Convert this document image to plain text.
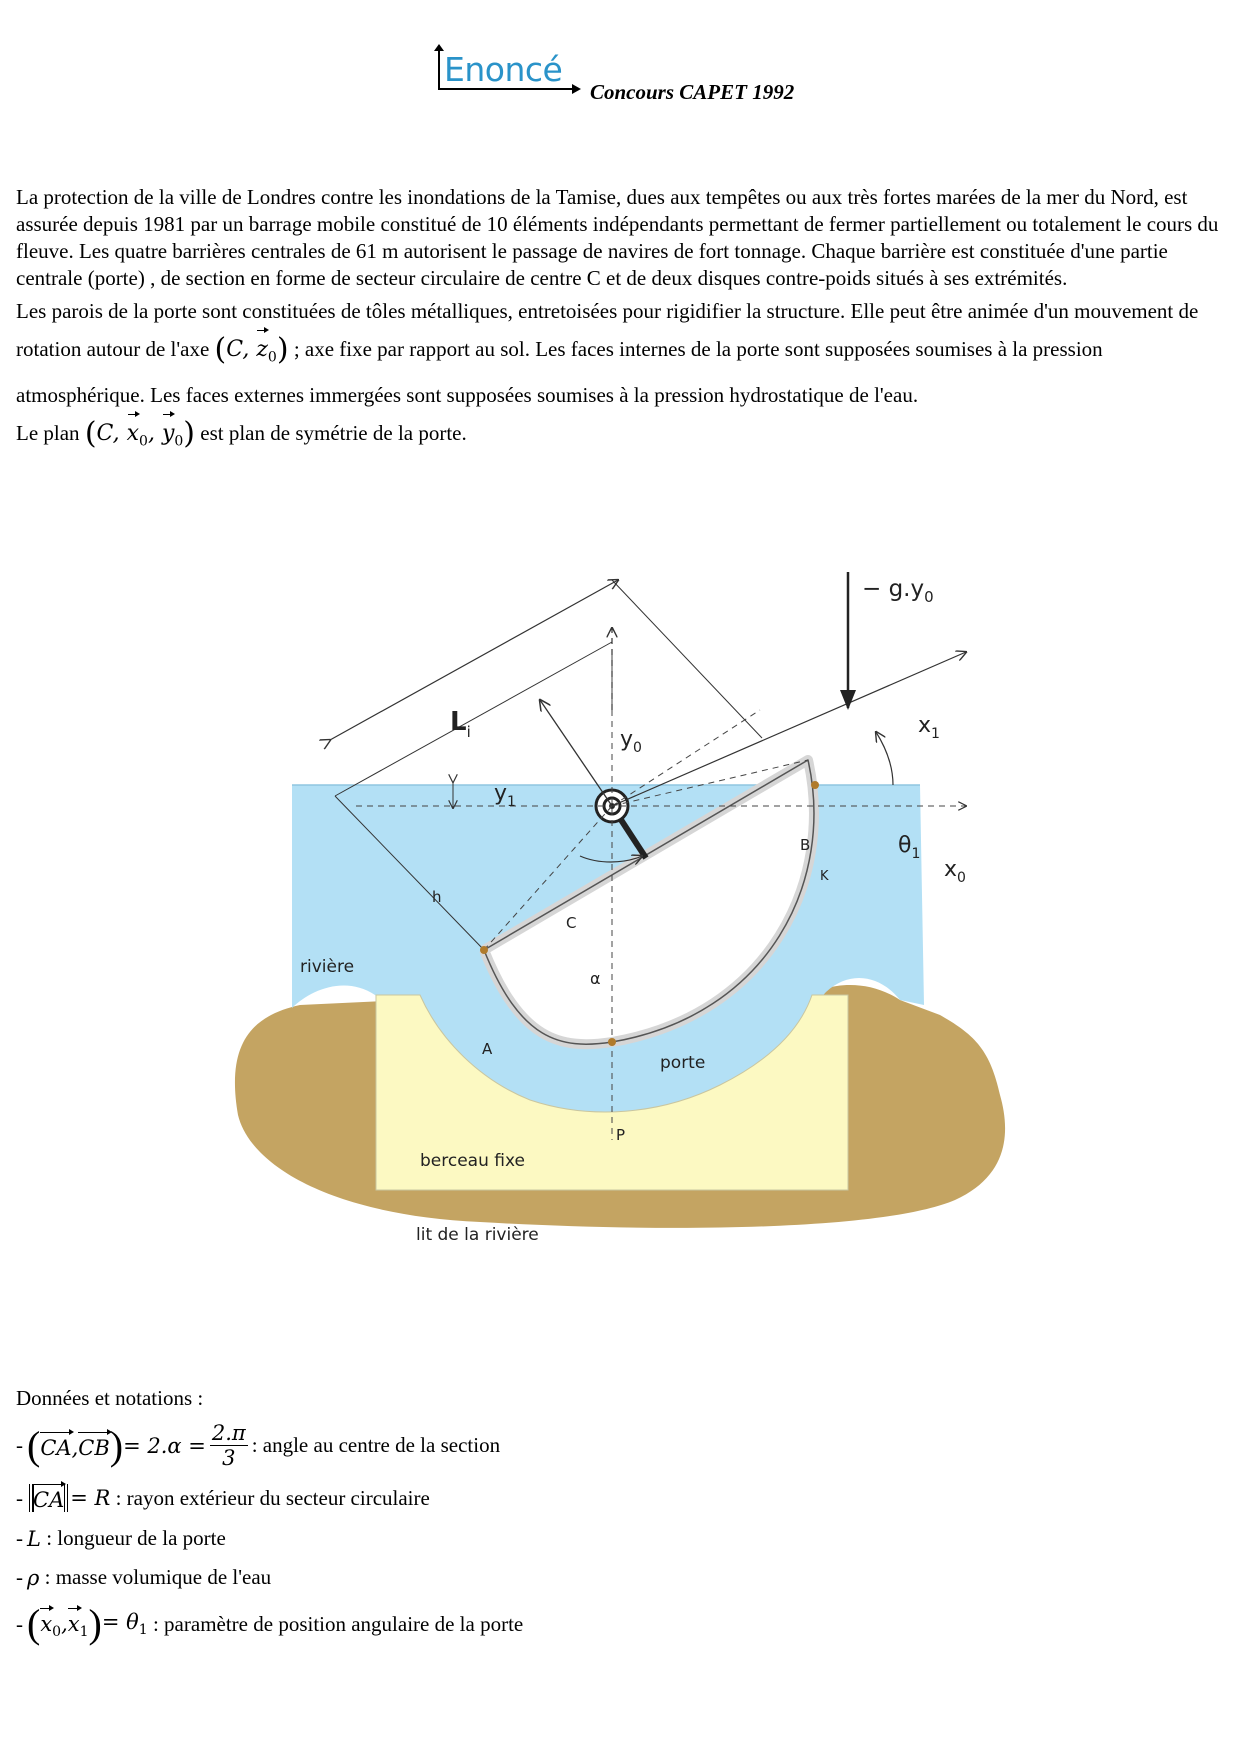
Enoncé
Concours CAPET 1992

La protection de la ville de Londres contre les inondations de la Tamise, dues aux tempêtes ou aux très fortes marées de la mer du Nord, est assurée depuis 1981 par un barrage mobile constitué de 10 éléments indépendants permettant de fermer partiellement ou totalement le cours du fleuve. Les quatre barrières centrales de 61 m autorisent le passage de navires de fort tonnage. Chaque barrière est constituée d'une partie centrale (porte) , de section en forme de secteur circulaire de centre C et de deux disques contre-poids situés à ses extrémités.

Les parois de la porte sont constituées de tôles métalliques, entretoisées pour rigidifier la structure. Elle peut être animée d'un mouvement de rotation autour de l'axe (C, $z_0$) ; axe fixe par rapport au sol. Les faces internes de la porte sont supposées soumises à la pression atmosphérique. Les faces externes immergées sont supposées soumises à la pression hydrostatique de l'eau.

Le plan (C, $x_0$, $y_0$) est plan de symétrie de la porte.

− $g.y_0$
$L_i$	$y_0$
$y_1$
$x_1$
$x_0$
$\theta_1$
B
K
A
P
C
h
α
rivière
porte
berceau fixe
lit de la rivière

Données et notations :

- ( CA,CB ) = $2.\alpha = \frac{2.\pi}{3}$ : angle au centre de la section
- CA = R
: rayon extérieur du secteur circulaire
- L
: longueur de la porte
- ρ
: masse volumique de l'eau
- ( $x_0,x_1$ ) = $\theta_1$
: paramètre de position angulaire de la porte
